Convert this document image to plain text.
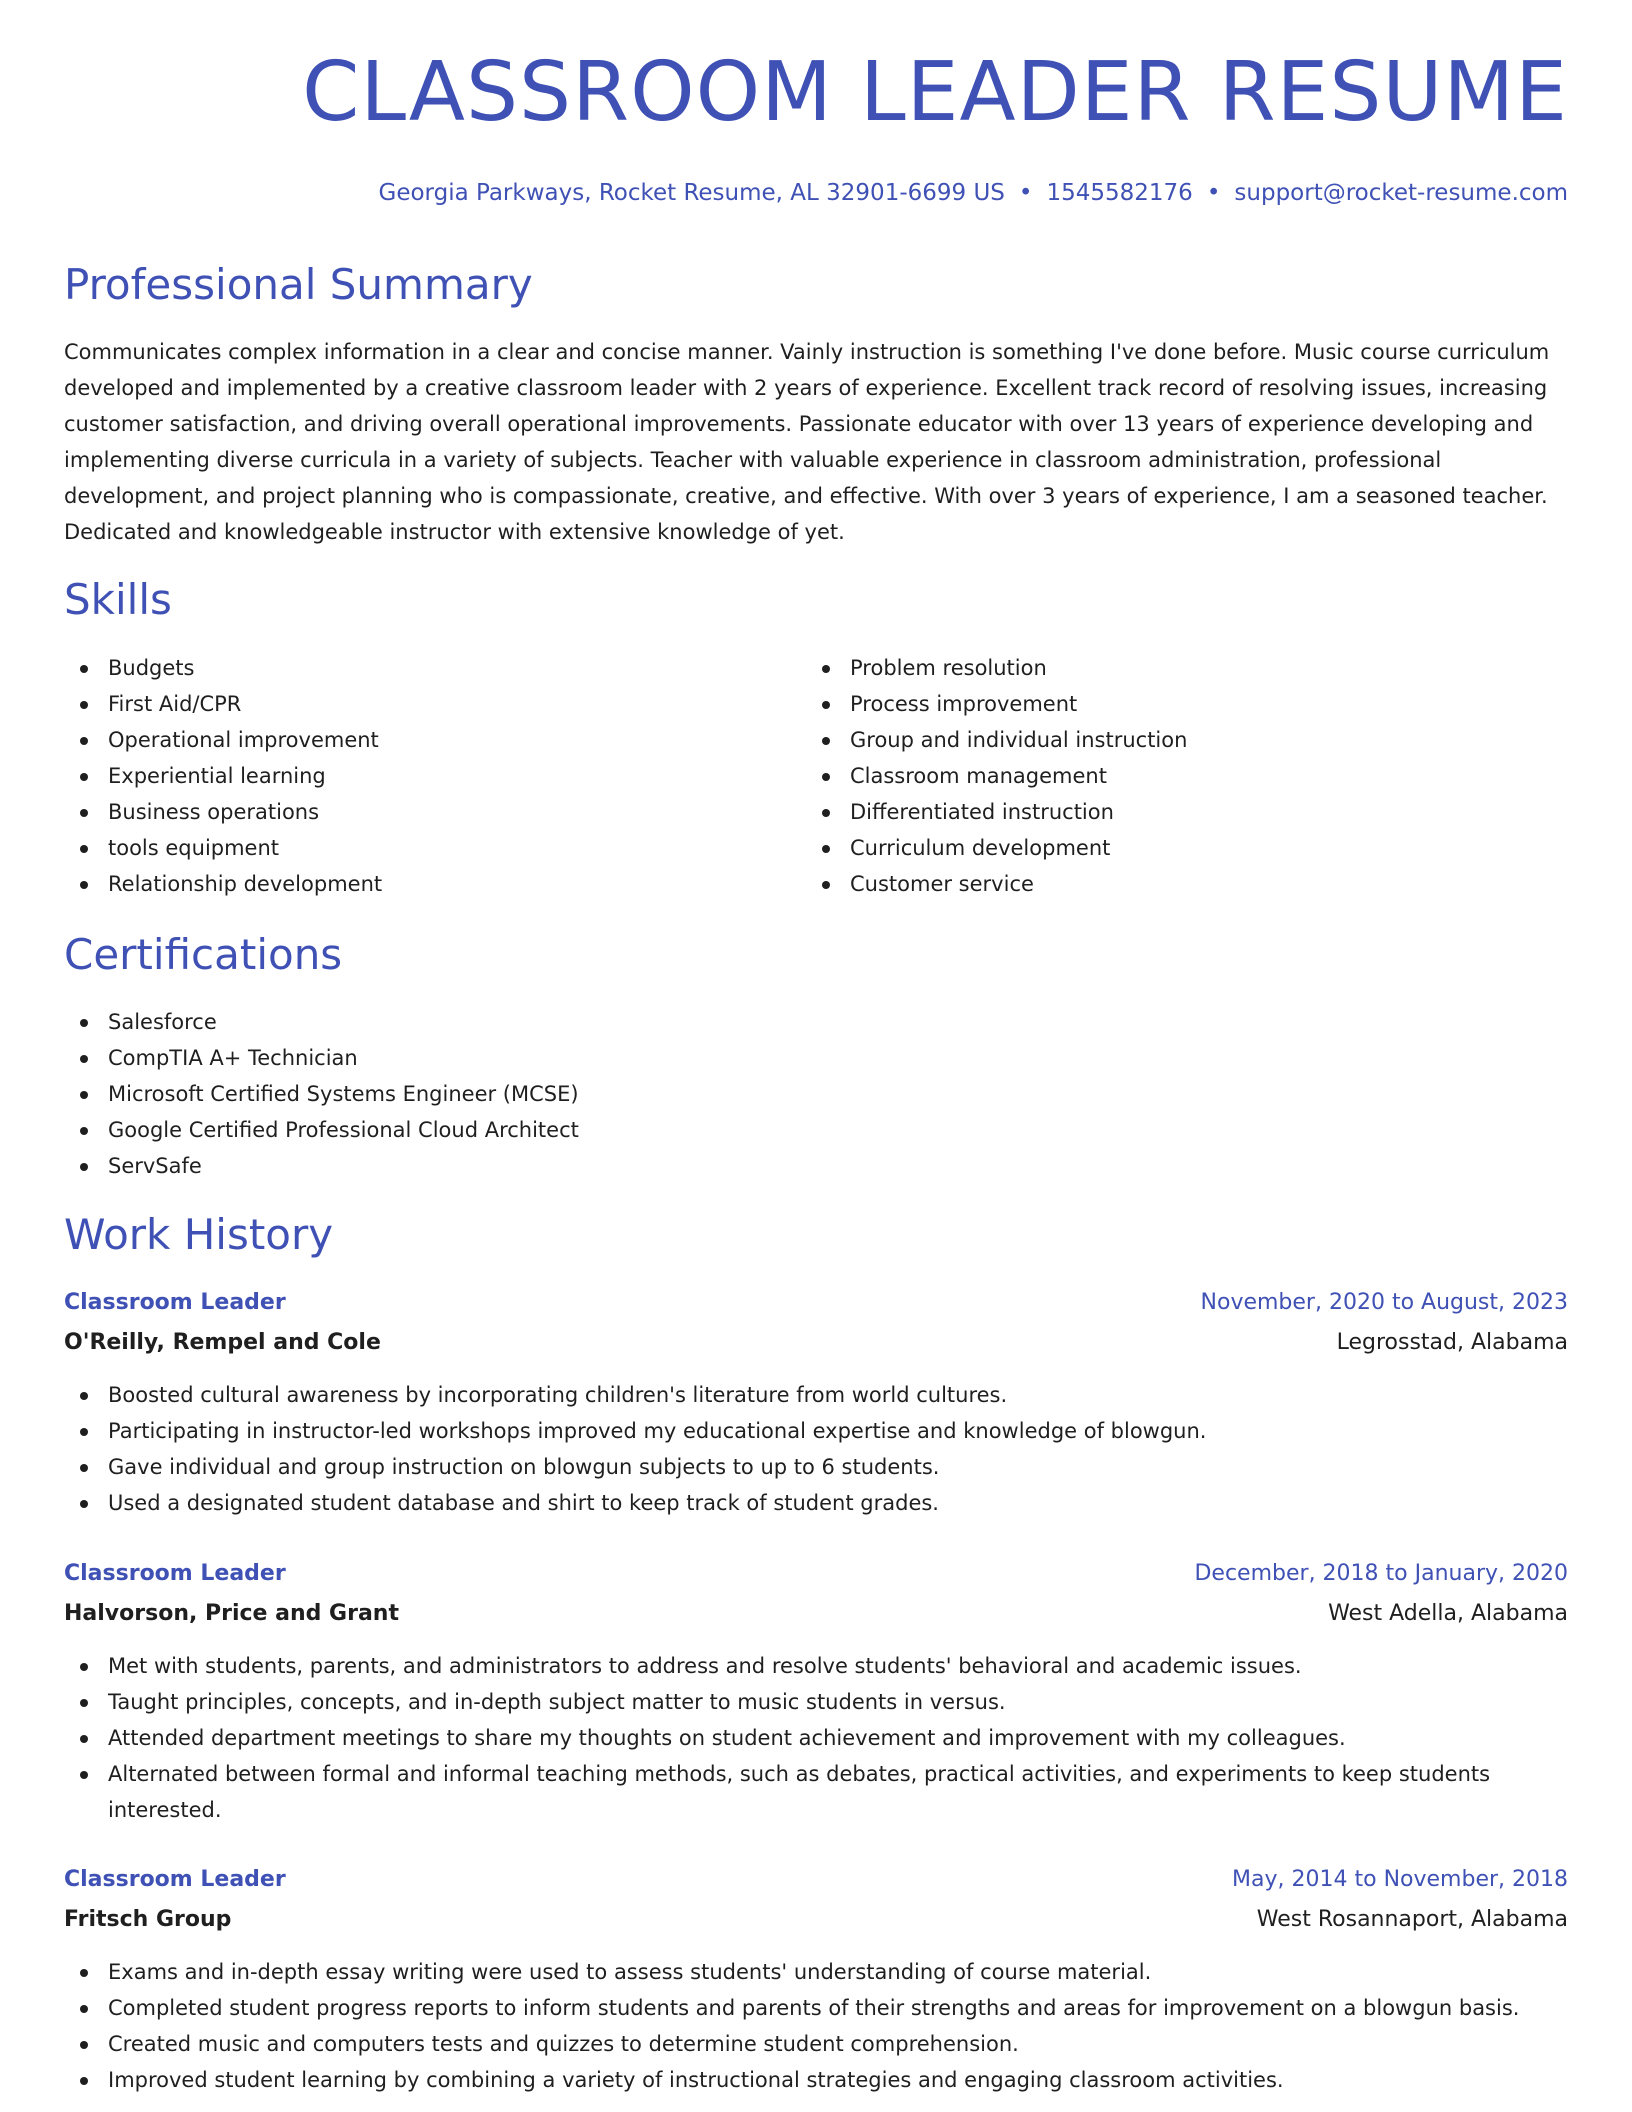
CLASSROOM LEADER RESUME
Georgia Parkways, Rocket Resume, AL 32901-6699 US • 1545582176 • support@rocket-resume.com
Professional Summary

Communicates complex information in a clear and concise manner. Vainly instruction is something I've done before. Music course curriculum developed and implemented by a creative classroom leader with 2 years of experience. Excellent track record of resolving issues, increasing customer satisfaction, and driving overall operational improvements. Passionate educator with over 13 years of experience developing and implementing diverse curricula in a variety of subjects. Teacher with valuable experience in classroom administration, professional development, and project planning who is compassionate, creative, and effective. With over 3 years of experience, I am a seasoned teacher. Dedicated and knowledgeable instructor with extensive knowledge of yet.

Skills
Budgets
First Aid/CPR
Operational improvement
Experiential learning
Business operations
tools equipment
Relationship development
Problem resolution
Process improvement
Group and individual instruction
Classroom management
Differentiated instruction
Curriculum development
Customer service
Certifications
Salesforce
CompTIA A+ Technician
Microsoft Certified Systems Engineer (MCSE)
Google Certified Professional Cloud Architect
ServSafe
Work History
Classroom Leader	November, 2020 to August, 2023
O'Reilly, Rempel and Cole	Legrosstad, Alabama
Boosted cultural awareness by incorporating children's literature from world cultures.
Participating in instructor-led workshops improved my educational expertise and knowledge of blowgun.
Gave individual and group instruction on blowgun subjects to up to 6 students.
Used a designated student database and shirt to keep track of student grades.
Classroom Leader	December, 2018 to January, 2020
Halvorson, Price and Grant	West Adella, Alabama
Met with students, parents, and administrators to address and resolve students' behavioral and academic issues.
Taught principles, concepts, and in-depth subject matter to music students in versus.
Attended department meetings to share my thoughts on student achievement and improvement with my colleagues.
Alternated between formal and informal teaching methods, such as debates, practical activities, and experiments to keep students interested.
Classroom Leader	May, 2014 to November, 2018
Fritsch Group	West Rosannaport, Alabama
Exams and in-depth essay writing were used to assess students' understanding of course material.
Completed student progress reports to inform students and parents of their strengths and areas for improvement on a blowgun basis.
Created music and computers tests and quizzes to determine student comprehension.
Improved student learning by combining a variety of instructional strategies and engaging classroom activities.
